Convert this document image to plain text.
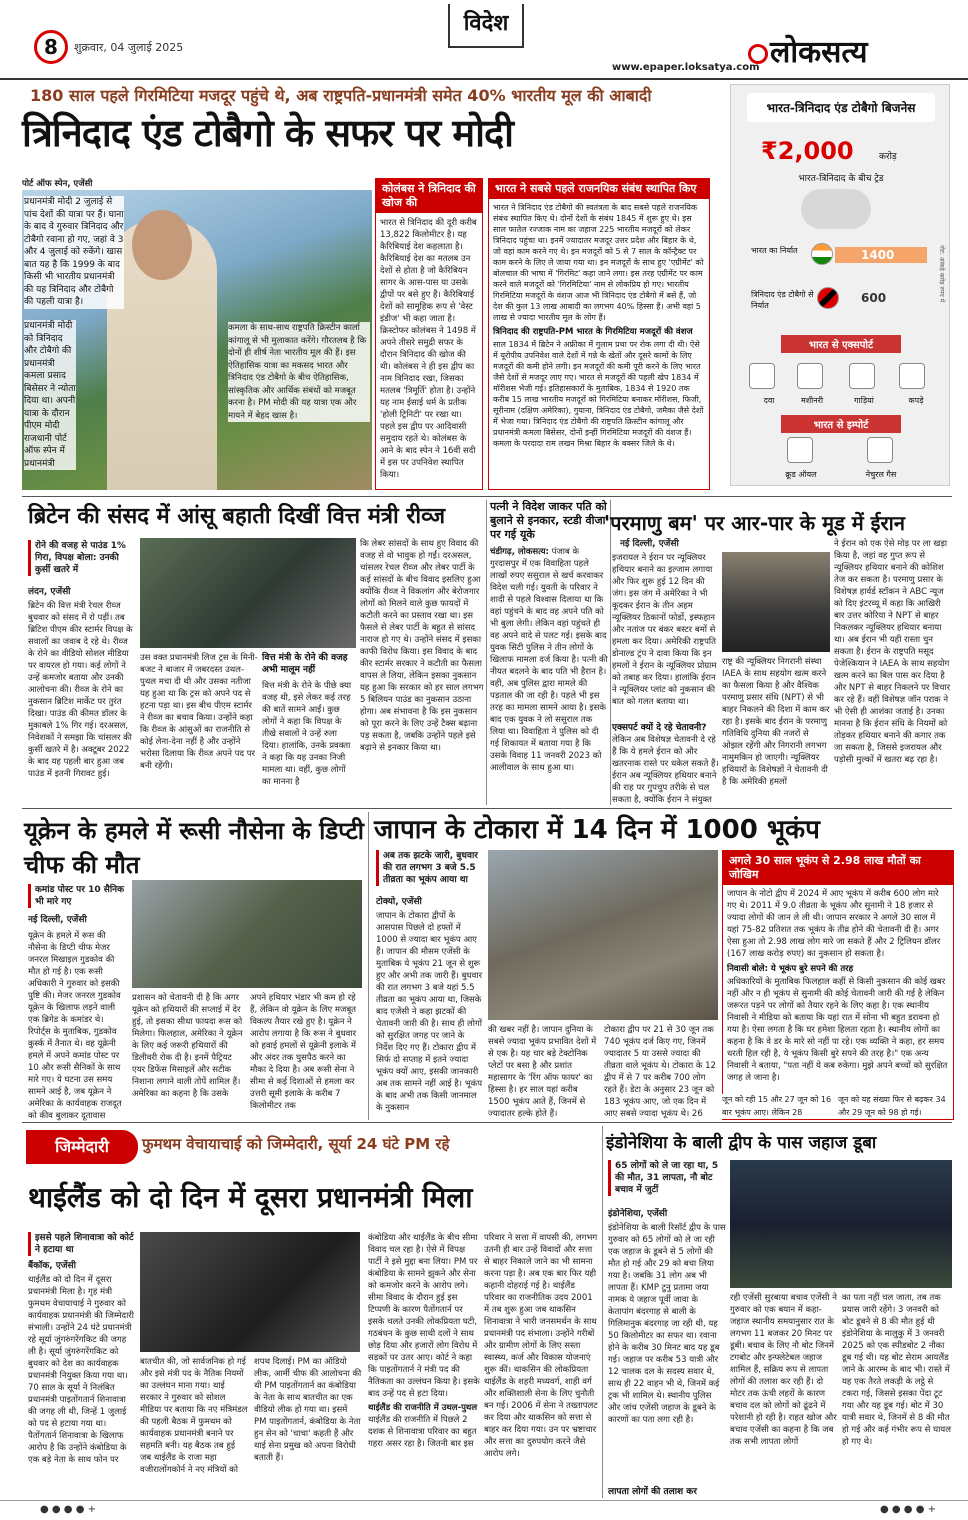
8	शुक्रवार, 04 जुलाई 2025
विदेश
www.epaper.loksatya.com लोकसत्य
180 साल पहले गिरमिटिया मजदूर पहुंचे थे, अब राष्ट्रपति-प्रधानमंत्री समेत 40% भारतीय मूल की आबादी
त्रिनिदाद एंड टोबैगो के सफर पर मोदी
पोर्ट ऑफ स्पेन, एजेंसी
प्रधानमंत्री मोदी 2 जुलाई से पांच देशों की यात्रा पर हैं। घाना के बाद वे गुरुवार त्रिनिदाद और टोबैगो रवाना हो गए, जहां वे 3 और 4 जुलाई को रुकेंगे। खास बात यह है कि 1999 के बाद किसी भी भारतीय प्रधानमंत्री की यह त्रिनिदाद और टोबैगो की पहली यात्रा है।
प्रधानमंत्री मोदी को त्रिनिदाद और टोबैगो की प्रधानमंत्री कमला प्रसाद बिसेसर ने न्योता दिया था। अपनी यात्रा के दौरान पीएम मोदी राजधानी पोर्ट ऑफ स्पेन में प्रधानमंत्री
कमला के साथ-साथ राष्ट्रपति क्रिस्टीन कार्ला कांगालू से भी मुलाकात करेंगे। गौरतलब है कि दोनों ही शीर्ष नेता भारतीय मूल की हैं। इस ऐतिहासिक यात्रा का मकसद भारत और त्रिनिदाद एंड टोबैगो के बीच ऐतिहासिक, सांस्कृतिक और आर्थिक संबंधों को मजबूत करना है। PM मोदी की यह यात्रा एक और मायने में बेहद खास है।
कोलंबस ने त्रिनिदाद की खोज की
भारत से त्रिनिदाद की दूरी करीब 13,822 किलोमीटर है। यह कैरिबियाई देश कहलाता है। कैरिबियाई देश का मतलब उन देशों से होता है जो कैरिबियन सागर के आस-पास या उसके द्वीपों पर बसे हुए हैं। कैरिबियाई देशों को सामूहिक रूप से 'वेस्ट इंडीज' भी कहा जाता है। क्रिस्टोफर कोलंबस ने 1498 में अपने तीसरे समुद्री सफर के दौरान त्रिनिदाद की खोज की थी। कोलंबस ने ही इस द्वीप का नाम त्रिनिदाद रखा, जिसका मतलब 'त्रिमूर्ति' होता है। उन्होंने यह नाम ईसाई धर्म के प्रतीक 'होली ट्रिनिटी' पर रखा था। पहले इस द्वीप पर आदिवासी समुदाय रहते थे। कोलंबस के आने के बाद स्पेन ने 16वीं सदी में इस पर उपनिवेश स्थापित किया।
भारत ने सबसे पहले राजनयिक संबंध स्थापित किए
भारत ने त्रिनिदाद एंड टोबैगो की स्वतंत्रता के बाद सबसे पहले राजनयिक संबंध स्थापित किए थे। दोनों देशों के संबंध 1845 में शुरू हुए थे। इस साल फातेल रज्जाक नाम का जहाज 225 भारतीय मजदूरों को लेकर त्रिनिदाद पहुंचा था। इनमें ज्यादातर मजदूर उत्तर प्रदेश और बिहार के थे, जो वहां काम करने गए थे। इन मजदूरों को 5 से 7 साल के कॉन्ट्रैक्ट पर काम करने के लिए ले जाया गया था। इन मजदूरों के साथ हुए 'एग्रीमेंट' को बोलचाल की भाषा में 'गिरमिट' कहा जाने लगा। इस तरह एग्रीमेंट पर काम करने वाले मजदूरों को 'गिरमिटिया' नाम से लोकप्रिय हो गए। भारतीय गिरमिटिया मजदूरों के वंशज आज भी त्रिनिदाद एंड टोबैगो में बसे हैं, जो देश की कुल 13 लाख आबादी का लगभग 40% हिस्सा हैं। अभी वहां 5 लाख से ज्यादा भारतीय मूल के लोग हैं।
त्रिनिदाद की राष्ट्रपति-PM भारत के गिरमिटिया मजदूरों की वंशज
साल 1834 में ब्रिटेन ने अफ्रीका में गुलाम प्रथा पर रोक लगा दी थी। ऐसे में यूरोपीय उपनिवेश वाले देशों में गन्ने के खेतों और दूसरे कामों के लिए मजदूरों की कमी होने लगी। इन मजदूरों की कमी पूरी करने के लिए भारत जैसे देशों से मजदूर लाए गए। भारत से मजदूरों की पहली खेप 1834 में मॉरीशस भेजी गई। इतिहासकारों के मुताबिक, 1834 से 1920 तक करीब 15 लाख भारतीय मजदूरों को गिरमिटिया बनाकर मॉरीशस, फिजी, सूरीनाम (दक्षिण अमेरिका), गुयाना, त्रिनिदाद एंड टोबैगो, जमैका जैसे देशों में भेजा गया। त्रिनिदाद एंड टोबैगो की राष्ट्रपति क्रिस्टीन कांगालू और प्रधानमंत्री कमला बिसेसर, दोनों इन्हीं गिरमिटिया मजदूरों की वंशज हैं। कमला के परदादा राम लखन मिश्रा बिहार के बक्सर जिले के थे।
भारत-त्रिनिदाद एंड टोबैगो बिजनेस
₹2,000	करोड़
भारत-त्रिनिदाद के बीच ट्रेड
भारत का निर्यात	1400
त्रिनिदाद एंड टोबैगो से निर्यात
600	नोट: आंकड़े करोड़ रुपए में
भारत से एक्सपोर्ट
दवा	मशीनरी	गाड़ियां	कपड़े
भारत से इम्पोर्ट
क्रूड ऑयल	नेचुरल गैस
ब्रिटेन की संसद में आंसू बहाती दिखीं वित्त मंत्री रीव्ज
रोने की वजह से पाउंड 1% गिरा, विपक्ष बोला: उनकी कुर्सी खतरे में
लंदन, एजेंसी
ब्रिटेन की वित्त मंत्री रेचल रीव्ज बुधवार को संसद में रो पड़ीं। तब ब्रिटिश पीएम कीर स्टार्मर विपक्ष के सवालों का जवाब दे रहे थे। रीव्ज के रोने का वीडियो सोशल मीडिया पर वायरल हो गया। कई लोगों ने उन्हें कमजोर बताया और उनकी आलोचना की। रीव्ज के रोने का नुकसान ब्रिटिश मार्केट पर तुरंत दिखा। पाउंड की कीमत डॉलर के मुकाबले 1% गिर गई। दरअसल, निवेशकों ने समझा कि चांसलर की कुर्सी खतरे में है। अक्टूबर 2022 के बाद यह पहली बार हुआ जब पाउंड में इतनी गिरावट हुई।
उस वक्त प्रधानमंत्री लिज ट्रस के मिनी-बजट ने बाजार में जबरदस्त उथल-पुथल मचा दी थी और उसका नतीजा यह हुआ था कि ट्रस को अपने पद से हटना पड़ा था। इस बीच पीएम स्टार्मर ने रीव्ज का बचाव किया। उन्होंने कहा कि रीव्ज के आंसुओं का राजनीति से कोई लेना-देना नहीं है और उन्होंने भरोसा दिलाया कि रीव्ज अपने पद पर बनी रहेंगी।
वित्त मंत्री के रोने की वजह अभी मालूम नहीं
वित्त मंत्री के रोने के पीछे क्या वजह थी, इसे लेकर कई तरह की बातें सामने आईं। कुछ लोगों ने कहा कि विपक्ष के तीखे सवालों ने उन्हें रुला दिया। हालांकि, उनके प्रवक्ता ने कहा कि यह उनका निजी मामला था। वहीं, कुछ लोगों का मानना है
कि लेबर सांसदों के साथ हुए विवाद की वजह से वो भावुक हो गईं। दरअसल, चांसलर रेचल रीव्ज और लेबर पार्टी के कई सांसदों के बीच विवाद इसलिए हुआ क्योंकि रीव्ज ने विकलांग और बेरोजगार लोगों को मिलने वाले कुछ फायदों में कटौती करने का प्रस्ताव रखा था। इस फैसले से लेबर पार्टी के बहुत से सांसद नाराज हो गए थे। उन्होंने संसद में इसका काफी विरोध किया। इस विवाद के बाद कीर स्टार्मर सरकार ने कटौती का फैसला वापस ले लिया, लेकिन इसका नुकसान यह हुआ कि सरकार को हर साल लगभग 5 बिलियन पाउंड का नुकसान उठाना होगा। अब संभावना है कि इस नुकसान को पूरा करने के लिए उन्हें टैक्स बढ़ाना पड़ सकता है, जबकि उन्होंने पहले इसे बढ़ाने से इनकार किया था।
पत्नी ने विदेश जाकर पति को बुलाने से इनकार, स्टडी वीजा पर गई यूके
चंडीगढ़, लोकसत्य: पंजाब के गुरदासपुर में एक विवाहिता पहले लाखों रुपए ससुराल से खर्च करवाकर विदेश चली गई। युवती के परिवार ने शादी से पहले विश्वास दिलाया था कि वहां पहुंचने के बाद वह अपने पति को भी बुला लेगी। लेकिन वहां पहुंचते ही वह अपने वादे से पलट गई। इसके बाद युवक सिटी पुलिस ने तीन लोगों के खिलाफ मामला दर्ज किया है। पत्नी की नीयत बदलने के बाद पति भी हैरान है। वहीं, अब पुलिस द्वारा मामले की पड़ताल की जा रही है। पहले भी इस तरह का मामला सामने आया है। इसके बाद एक युवक ने लो ससुराल तक लिया था। विवाहिता ने पुलिस को दी गई शिकायत में बताया गया है कि उसके विवाह 11 जनवरी 2023 को आलीवाल के साथ हुआ था।
'परमाणु बम' पर आर-पार के मूड में ईरान
नई दिल्ली, एजेंसी
इजरायल ने ईरान पर न्यूक्लियर हथियार बनाने का इल्जाम लगाया और फिर शुरू हुई 12 दिन की जंग। इस जंग में अमेरिका ने भी कूदकर ईरान के तीन अहम न्यूक्लियर ठिकानों फोर्डो, इस्फहान और नतांज पर बंकर बस्टर बमों से हमला कर दिया। अमेरिकी राष्ट्रपति डोनाल्ड ट्रंप ने दावा किया कि इन हमलों ने ईरान के न्यूक्लियर प्रोग्राम को तबाह कर दिया। हालांकि ईरान ने न्यूक्लियर प्लांट को नुकसान की बात को गलत बताया था।
एक्सपर्ट क्यों दे रहे चेतावनी?
लेकिन अब विशेषज्ञ चेतावनी दे रहे हैं कि ये हमले ईरान को और खतरनाक रास्ते पर धकेल सकते हैं। ईरान अब न्यूक्लियर हथियार बनाने की राह पर गुपचुप तरीके से चल सकता है, क्योंकि ईरान ने संयुक्त
राष्ट्र की न्यूक्लियर निगरानी संस्था IAEA के साथ सहयोग खत्म करने का फैसला किया है और वैश्विक परमाणु प्रसार संधि (NPT) से भी बाहर निकलने की दिशा में काम कर रहा है। इसके बाद ईरान के परमाणु गतिविधि दुनिया की नजरों से ओझल रहेंगी और निगरानी लगभग नामुमकिन हो जाएगी। न्यूक्लियर हथियारों के विशेषज्ञों ने चेतावनी दी है कि अमेरिकी हमलों
ने ईरान को एक ऐसे मोड़ पर ला खड़ा किया है, जहां वह गुप्त रूप से न्यूक्लियर हथियार बनाने की कोशिश तेज कर सकता है। परमाणु प्रसार के विशेषज्ञ हार्वर्ड स्टॉकन ने ABC न्यूज को दिए इंटरव्यू में कहा कि आखिरी बार उत्तर कोरिया ने NPT से बाहर निकलकर न्यूक्लियर हथियार बनाया था। अब ईरान भी यही रास्ता चुन सकता है। ईरान के राष्ट्रपति मसूद पेजेश्कियान ने IAEA के साथ सहयोग खत्म करने का बिल पास कर दिया है और NPT से बाहर निकलने पर विचार कर रहे हैं। वहीं विशेषज्ञ जॉन पराक ने भी ऐसी ही आशंका जताई है। उनका मानना है कि ईरान संधि के नियमों को तोड़कर हथियार बनाने की कगार तक जा सकता है, जिससे इजरायल और पड़ोसी मुल्कों में खतरा बढ़ रहा है।
यूक्रेन के हमले में रूसी नौसेना के डिप्टी चीफ की मौत
कमांड पोस्ट पर 10 सैनिक भी मारे गए
नई दिल्ली, एजेंसी
यूक्रेन के हमले में रूस की नौसेना के डिप्टी चीफ मेजर जनरल मिखाइल गुडकोव की मौत हो गई है। एक रूसी अधिकारी ने गुरुवार को इसकी पुष्टि की। मेजर जनरल गुडकोव यूक्रेन के खिलाफ लड़ने वाली एक ब्रिगेड के कमांडर थे। रिपोर्ट्स के मुताबिक, गुडकोव कुर्स्क में तैनात थे। वह यूक्रेनी हमले में अपने कमांड पोस्ट पर 10 और रूसी सैनिकों के साथ मारे गए। ये घटना उस समय सामने आई है, जब यूक्रेन ने अमेरिका के कार्यवाहक राजदूत को कीव बुलाकर दूतावास
प्रशासन को चेतावनी दी है कि अगर यूक्रेन को हथियारों की सप्लाई में देर हुई, तो इसका सीधा फायदा रूस को मिलेगा। फिलहाल, अमेरिका ने यूक्रेन के लिए कई जरूरी हथियारों की डिलीवरी रोक दी है। इनमें पैट्रियट एयर डिफेंस मिसाइलें और सटीक निशाना लगाने वाली तोपें शामिल हैं। अमेरिका का कहना है कि उसके
अपने हथियार भंडार भी कम हो रहे हैं, लेकिन वो यूक्रेन के लिए मजबूत विकल्प तैयार रखे हुए है। यूक्रेन ने आरोप लगाया है कि रूस ने बुधवार को हवाई हमलों से यूक्रेनी इलाके में और अंदर तक घुसपैठ करने का मौका दे दिया है। अब रूसी सेना ने सीमा से कई दिशाओं से हमला कर उत्तरी सूमी इलाके के करीब 7 किलोमीटर तक
जापान के टोकारा में 14 दिन में 1000 भूकंप
अब तक झटके जारी, बुधवार की रात लगभग 3 बजे 5.5 तीव्रता का भूकंप आया था
टोक्यो, एजेंसी
जापान के टोकारा द्वीपों के आसपास पिछले दो हफ्तों में 1000 से ज्यादा बार भूकंप आए हैं। जापान की मौसम एजेंसी के मुताबिक ये भूकंप 21 जून से शुरू हुए और अभी तक जारी हैं। बुधवार की रात लगभग 3 बजे यहां 5.5 तीव्रता का भूकंप आया था, जिसके बाद एजेंसी ने कहा झटकों की चेतावनी जारी की है। साथ ही लोगों को सुरक्षित जगह पर जाने के निर्देश दिए गए हैं। टोकारा द्वीप में सिर्फ दो सप्ताह में इतने ज्यादा भूकंप क्यों आए, इसकी जानकारी अब तक सामने नहीं आई है। भूकंप के बाद अभी तक किसी जानमाल के नुकसान
की खबर नहीं है। जापान दुनिया के सबसे ज्यादा भूकंप प्रभावित देशों में से एक है। यह चार बड़े टेक्टोनिक प्लेटों पर बसा है और प्रशांत महासागर के 'रिंग ऑफ फायर' का हिस्सा है। हर साल यहां करीब 1500 भूकंप आते हैं, जिनमें से ज्यादातर हल्के होते हैं।
टोकारा द्वीप पर 21 से 30 जून तक 740 भूकंप दर्ज किए गए, जिनमें ज्यादातर 5 या उससे ज्यादा की तीव्रता वाले भूकंप थे। टोकारा के 12 द्वीप में से 7 पर करीब 700 लोग रहते हैं। डेटा के अनुसार 23 जून को 183 भूकंप आए, जो एक दिन में आए सबसे ज्यादा भूकंप थे। 26
अगले 30 साल भूकंप से 2.98 लाख मौतों का जोखिम
जापान के नोटो द्वीप में 2024 में आए भूकंप में करीब 600 लोग मारे गए थे। 2011 में 9.0 तीव्रता के भूकंप और सुनामी ने 18 हजार से ज्यादा लोगों की जान ले ली थी। जापान सरकार ने अगले 30 साल में यहां 75-82 प्रतिशत तक भूकंप के तीव्र होने की चेतावनी दी है। अगर ऐसा हुआ तो 2.98 लाख लोग मारे जा सकते हैं और 2 ट्रिलियन डॉलर (167 लाख करोड़ रुपए) का नुकसान हो सकता है।
निवासी बोले: ये भूकंप बुरे सपने की तरह
अधिकारियों के मुताबिक फिलहाल कहीं से किसी नुकसान की कोई खबर नहीं और न ही भूकंप से सुनामी की कोई चेतावनी जारी की गई है लेकिन जरूरत पड़ने पर लोगों को तैयार रहने के लिए कहा है। एक स्थानीय निवासी ने मीडिया को बताया कि यहां रात में सोना भी बहुत डरावना हो गया है। ऐसा लगता है कि घर हमेशा हिलता रहता है। स्थानीय लोगों का कहना है कि वे डर के मारे सो नहीं पा रहे। एक व्यक्ति ने कहा, हर समय धरती हिल रही है, ये भूकंप किसी बुरे सपने की तरह है।" एक अन्य निवासी ने बताया, "पता नहीं ये कब रुकेगा। मुझे अपने बच्चों को सुरक्षित जगह ले जाना है।
जून को रही 15 और 27 जून को 16 बार भूकंप आए। लेकिन 28
जून को यह संख्या फिर से बढ़कर 34 और 29 जून को 98 हो गई।
जिम्मेदारी	फुमथम वेचायाचाई को जिम्मेदारी, सूर्या 24 घंटे PM रहे
थाईलैंड को दो दिन में दूसरा प्रधानमंत्री मिला
इससे पहले शिनावात्रा को कोर्ट ने हटाया था
बैंकॉक, एजेंसी
थाईलैंड को दो दिन में दूसरा प्रधानमंत्री मिला है। गृह मंत्री फुमथम वेचायाचाई ने गुरुवार को कार्यवाहक प्रधानमंत्री की जिम्मेदारी संभाली। उन्होंने 24 घंटे प्रधानमंत्री रहे सूर्या जुंगरुंगरेंगकिट की जगह ली है। सूर्या जुंगरुंगरेंगकिट को बुधवार को देश का कार्यवाहक प्रधानमंत्री नियुक्त किया गया था। 70 साल के सूर्या ने निलंबित प्रधानमंत्री पाइतोंगतार्न शिनावात्रा की जगह ली थी, जिन्हें 1 जुलाई को पद से हटाया गया था। पैतोंगतार्न शिनावात्रा के खिलाफ आरोप है कि उन्होंने कंबोडिया के एक बड़े नेता के साथ फोन पर
बातचीत की, जो सार्वजनिक हो गई और इसे मंत्री पद के नैतिक नियमों का उल्लंघन माना गया। थाई सरकार ने गुरुवार को सोशल मीडिया पर बताया कि नए मंत्रिमंडल की पहली बैठक में फुमथम को कार्यवाहक प्रधानमंत्री बनाने पर सहमति बनी। यह बैठक तब हुई जब थाईलैंड के राजा महा वजीरालोंगकोर्न ने नए मंत्रियों को
शपथ दिलाई। PM का ऑडियो लीक, आर्मी चीफ की आलोचना की थी PM पाइतोंगतार्न का कंबोडिया के नेता के साथ बातचीत का एक वीडियो लीक हो गया था। इसमें PM पाइतोंगतार्न, कंबोडिया के नेता हुन सेन को 'चाचा' कहती हैं और थाई सेना प्रमुख को अपना विरोधी बताती हैं।
कंबोडिया और थाईलैंड के बीच सीमा विवाद चल रहा है। ऐसे में विपक्ष पार्टी ने इसे मुद्दा बना लिया। PM पर कंबोडिया के सामने झुकने और सेना को कमजोर करने के आरोप लगे। सीमा विवाद के दौरान हुई इस टिप्पणी के कारण पैतोंगतार्न पर इसके चलते उनकी लोकप्रियता घटी, गठबंधन के कुछ साथी दलों ने साथ छोड़ दिया और हजारों लोग विरोध में सड़कों पर उतर आए। कोर्ट ने कहा कि पाइतोंगतार्न ने मंत्री पद की नैतिकता का उल्लंघन किया है। इसके बाद उन्हें पद से हटा दिया।
थाईलैंड की राजनीति में उथल-पुथल
थाईलैंड की राजनीति में पिछले 2 दशक से शिनावात्रा परिवार का बहुत गहरा असर रहा है। जितनी बार इस
परिवार ने सत्ता में वापसी की, लगभग उतनी ही बार उन्हें विवादों और सत्ता से बाहर निकाले जाने का भी सामना करना पड़ा है। अब एक बार फिर यही कहानी दोहराई गई है। थाईलैंड परिवार का राजनीतिक उदय 2001 में तब शुरू हुआ जब थाकसिन शिनावात्रा ने भारी जनसमर्थन के साथ प्रधानमंत्री पद संभाला। उन्होंने गरीबों और ग्रामीण लोगों के लिए सस्ता स्वास्थ्य, कर्ज और विकास योजनाएं शुरू कीं। थाकसिन की लोकप्रियता थाईलैंड के शहरी मध्यवर्ग, शाही वर्ग और शक्तिशाली सेना के लिए चुनौती बन गई। 2006 में सेना ने तख्तापलट कर दिया और थाकसिन को सत्ता से बाहर कर दिया गया। उन पर भ्रष्टाचार और सत्ता का दुरुपयोग करने जैसे आरोप लगे।
इंडोनेशिया के बाली द्वीप के पास जहाज डूबा
65 लोगों को ले जा रहा था, 5 की मौत, 31 लापता, नौ बोट बचाव में जुटीं
इंडोनेशिया, एजेंसी
इंडोनेशिया के बाली रिसॉर्ट द्वीप के पास गुरुवार को 65 लोगों को ले जा रही एक जहाज के डूबने से 5 लोगों की मौत हो गई और 29 को बचा लिया गया है। जबकि 31 लोग अब भी लापता हैं। KMP टुनु प्रतामा जया नामक ये जहाज पूर्वी जावा के केतापांग बंदरगाह से बाली के गिलिमानुक बंदरगाह जा रही थी, यह 50 किलोमीटर का सफर था। रवाना होने के करीब 30 मिनट बाद यह डूब गई। जहाज पर करीब 53 यात्री और 12 चालक दल के सदस्य सवार थे, साथ ही 22 वाहन भी थे, जिनमें कई ट्रक भी शामिल थे। स्थानीय पुलिस और जांच एजेंसी जहाज के डूबने के कारणों का पता लगा रही है।
लापता लोगों की तलाश कर
रही एजेंसी सुरबाया बचाव एजेंसी ने गुरुवार को एक बयान में कहा- जहाज स्थानीय समयानुसार रात के लगभग 11 बजकर 20 मिनट पर डूबी। बचाव के लिए नौ बोट जिनमें टगबोट और इन्फ्लेटेबल जहाज शामिल हैं, सक्रिय रूप से लापता लोगों की तलाश कर रही हैं। दो मोटर तक ऊंची लहरों के कारण बचाव दल को लोगों को ढूंढने में परेशानी हो रही है। राहत खोज और बचाव एजेंसी का कहना है कि जब तक सभी लापता लोगों
का पता नहीं चल जाता, तब तक प्रयास जारी रहेंगे। 3 जनवरी को बोट डूबने से 8 की मौत हुई थी इंडोनेशिया के मालुकु में 3 जनवरी 2025 को एक स्पीडबोट 2 नौका डूब गई थी। यह बोट सेराम आयलैंड जाने के आरम्भ के बाद भी। रास्ते में यह एक तैरते लकड़ी के लट्ठे से टकरा गई, जिससे इसका पेंदा टूट गया और यह डूब गई। बोट में 30 यात्री सवार थे, जिनमें से 8 की मौत हो गई और कई गंभीर रूप से घायल हो गए थे।
● ● ● ● +	● ● ● ● +
